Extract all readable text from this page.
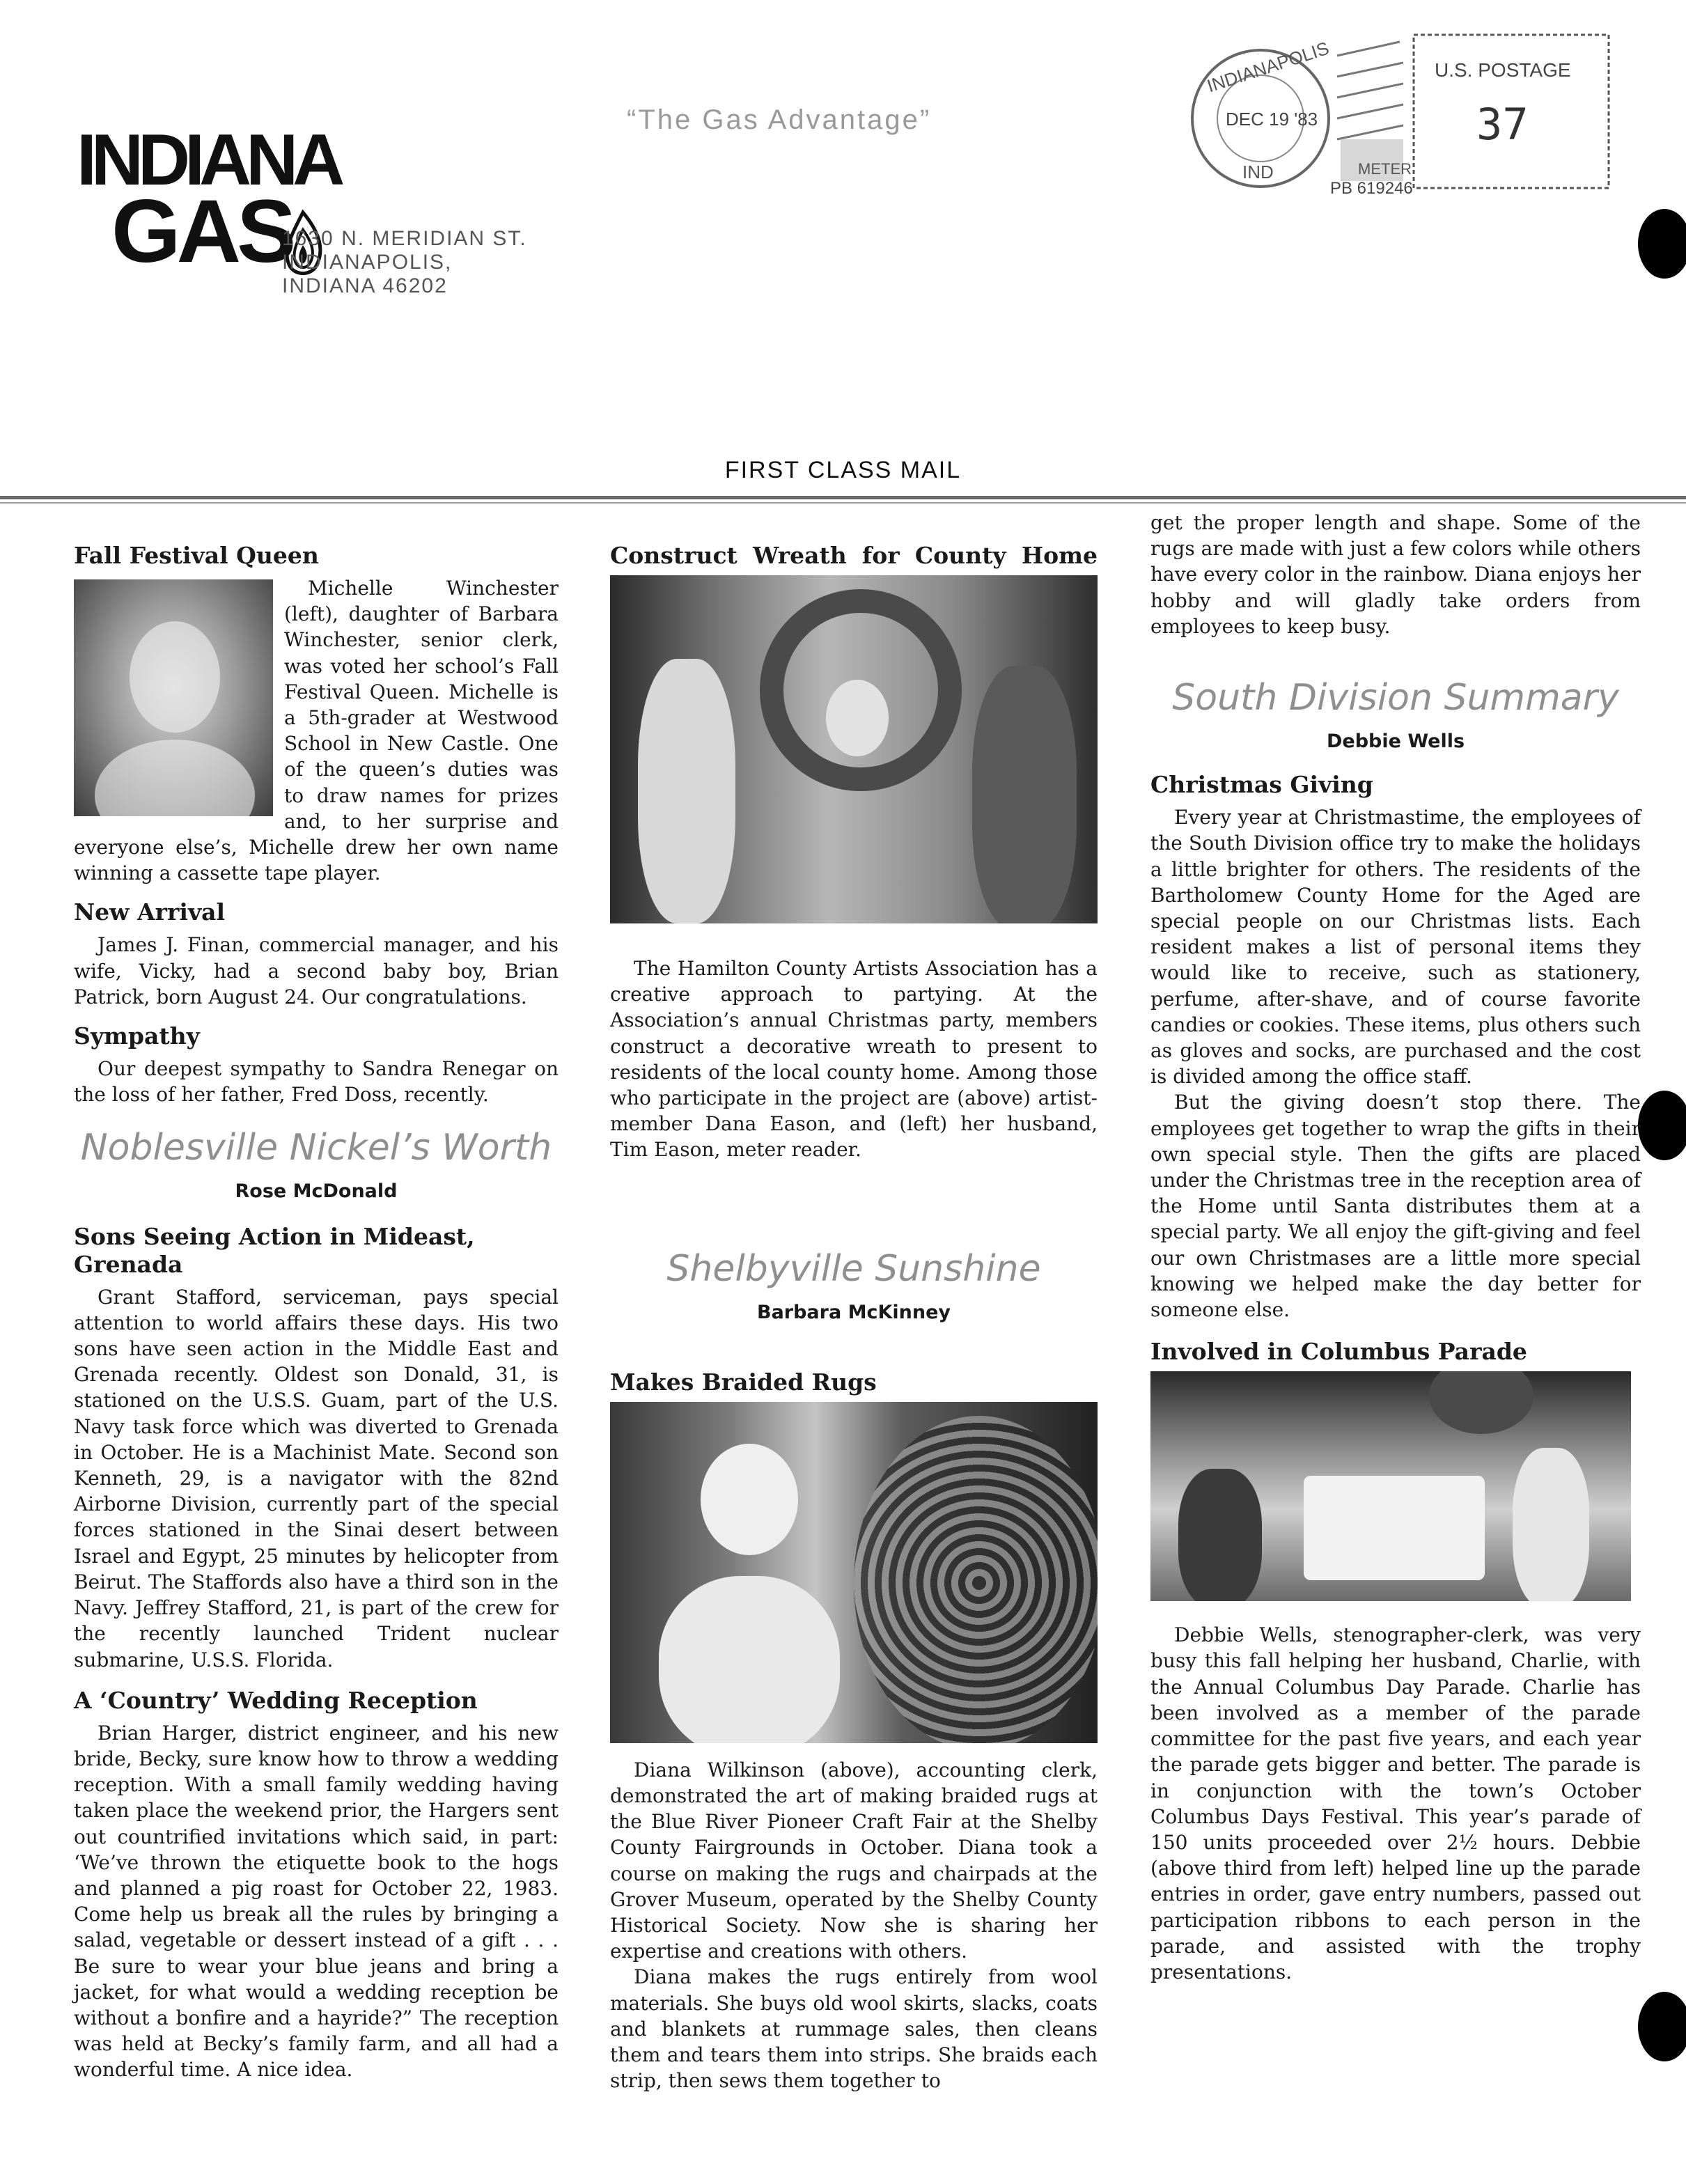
INDIANA
GAS
1630 N. MERIDIAN ST.
INDIANAPOLIS,
INDIANA 46202
“The Gas Advantage”
INDIANAPOLIS
DEC 19 '83
IND
U.S. POSTAGE
37
METER
PB 619246
FIRST CLASS MAIL
Fall Festival Queen

Michelle Winchester (left), daughter of Barbara Winchester, senior clerk, was voted her school’s Fall Festival Queen. Michelle is a 5th-grader at Westwood School in New Castle. One of the queen’s duties was to draw names for prizes and, to her surprise and everyone else’s, Michelle drew her own name winning a cassette tape player.

New Arrival

James J. Finan, commercial manager, and his wife, Vicky, had a second baby boy, Brian Patrick, born August 24. Our congratulations.

Sympathy

Our deepest sympathy to Sandra Renegar on the loss of her father, Fred Doss, recently.

Noblesville Nickel’s Worth
Rose McDonald
Sons Seeing Action in Mideast, Grenada

Grant Stafford, serviceman, pays special attention to world affairs these days. His two sons have seen action in the Middle East and Grenada recently. Oldest son Donald, 31, is stationed on the U.S.S. Guam, part of the U.S. Navy task force which was diverted to Grenada in October. He is a Machinist Mate. Second son Kenneth, 29, is a navigator with the 82nd Airborne Division, currently part of the special forces stationed in the Sinai desert between Israel and Egypt, 25 minutes by helicopter from Beirut. The Staffords also have a third son in the Navy. Jeffrey Stafford, 21, is part of the crew for the recently launched Trident nuclear submarine, U.S.S. Florida.

A ‘Country’ Wedding Reception

Brian Harger, district engineer, and his new bride, Becky, sure know how to throw a wedding reception. With a small family wedding having taken place the weekend prior, the Hargers sent out countrified invitations which said, in part: ‘We’ve thrown the etiquette book to the hogs and planned a pig roast for October 22, 1983. Come help us break all the rules by bringing a salad, vegetable or dessert instead of a gift . . . Be sure to wear your blue jeans and bring a jacket, for what would a wedding reception be without a bonfire and a hayride?” The reception was held at Becky’s family farm, and all had a wonderful time. A nice idea.

Construct Wreath for County Home

The Hamilton County Artists Association has a creative approach to partying. At the Association’s annual Christmas party, members construct a decorative wreath to present to residents of the local county home. Among those who participate in the project are (above) artist-member Dana Eason, and (left) her husband, Tim Eason, meter reader.

Shelbyville Sunshine
Barbara McKinney
Makes Braided Rugs

Diana Wilkinson (above), accounting clerk, demonstrated the art of making braided rugs at the Blue River Pioneer Craft Fair at the Shelby County Fairgrounds in October. Diana took a course on making the rugs and chairpads at the Grover Museum, operated by the Shelby County Historical Society. Now she is sharing her expertise and creations with others.

Diana makes the rugs entirely from wool materials. She buys old wool skirts, slacks, coats and blankets at rummage sales, then cleans them and tears them into strips. She braids each strip, then sews them together to

get the proper length and shape. Some of the rugs are made with just a few colors while others have every color in the rainbow. Diana enjoys her hobby and will gladly take orders from employees to keep busy.

South Division Summary
Debbie Wells
Christmas Giving

Every year at Christmastime, the employees of the South Division office try to make the holidays a little brighter for others. The residents of the Bartholomew County Home for the Aged are special people on our Christmas lists. Each resident makes a list of personal items they would like to receive, such as stationery, perfume, after-shave, and of course favorite candies or cookies. These items, plus others such as gloves and socks, are purchased and the cost is divided among the office staff.

But the giving doesn’t stop there. The employees get together to wrap the gifts in their own special style. Then the gifts are placed under the Christmas tree in the reception area of the Home until Santa distributes them at a special party. We all enjoy the gift-giving and feel our own Christmases are a little more special knowing we helped make the day better for someone else.

Involved in Columbus Parade

Debbie Wells, stenographer-clerk, was very busy this fall helping her husband, Charlie, with the Annual Columbus Day Parade. Charlie has been involved as a member of the parade committee for the past five years, and each year the parade gets bigger and better. The parade is in conjunction with the town’s October Columbus Days Festival. This year’s parade of 150 units proceeded over 2½ hours. Debbie (above third from left) helped line up the parade entries in order, gave entry numbers, passed out participation ribbons to each person in the parade, and assisted with the trophy presentations.
